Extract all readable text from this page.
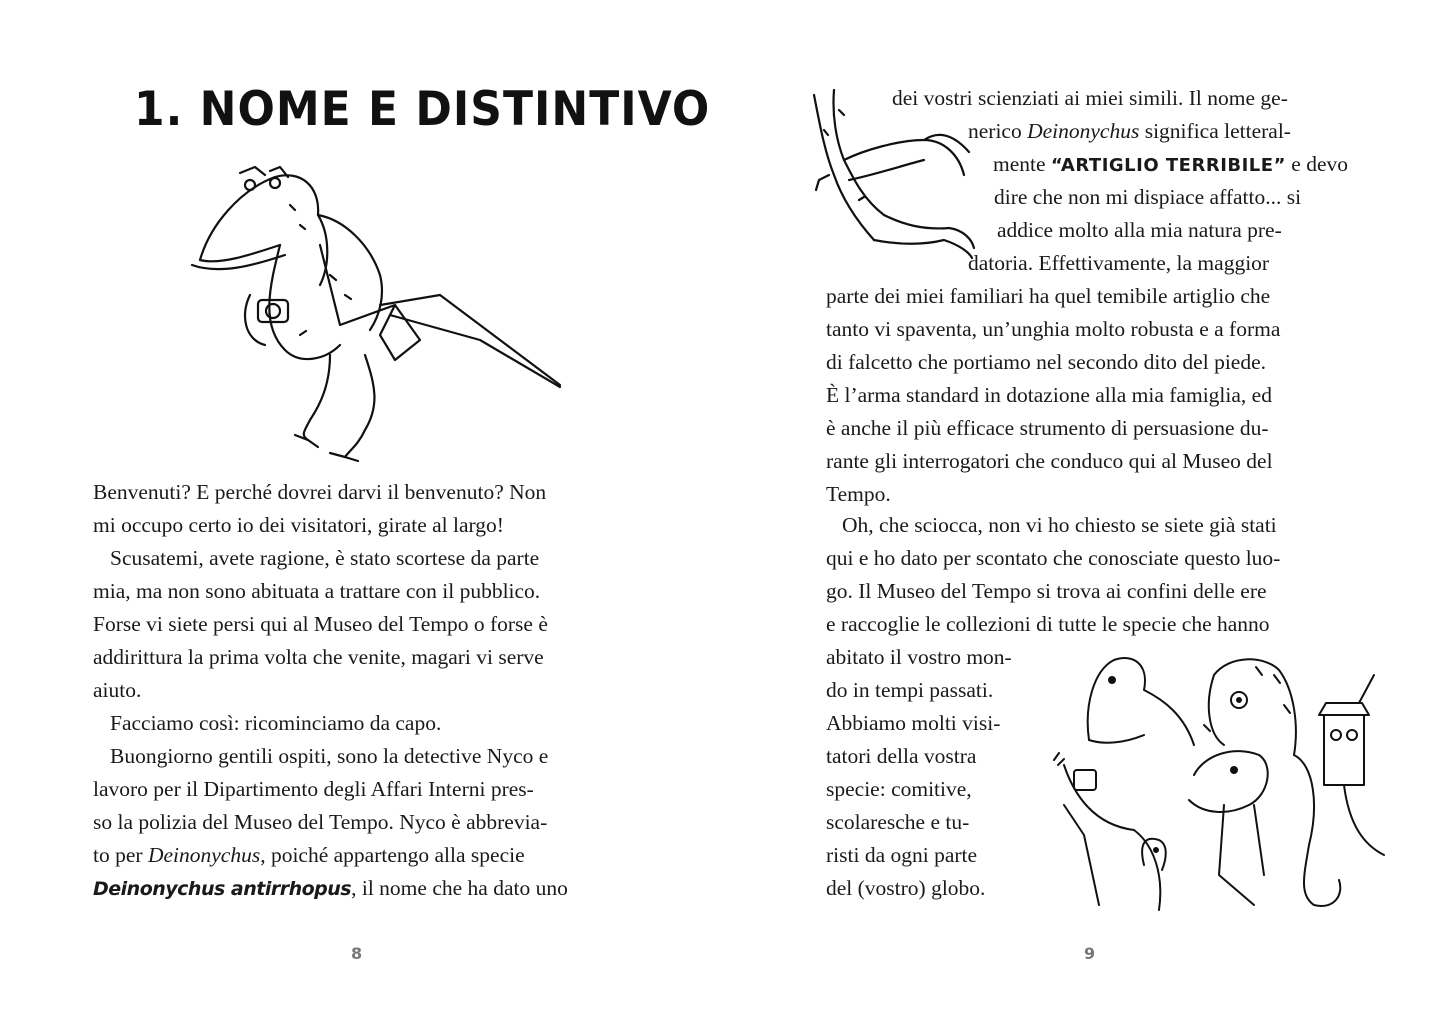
1. NOME E DISTINTIVO
Benvenuti? E perché dovrei darvi il benvenuto? Non
mi occupo certo io dei visitatori, girate al largo!
Scusatemi, avete ragione, è stato scortese da parte
mia, ma non sono abituata a trattare con il pubblico.
Forse vi siete persi qui al Museo del Tempo o forse è
addirittura la prima volta che venite, magari vi serve
aiuto.
Facciamo così: ricominciamo da capo.
Buongiorno gentili ospiti, sono la detective Nyco e
lavoro per il Dipartimento degli Affari Interni pres-
so la polizia del Museo del Tempo. Nyco è abbrevia-
to per Deinonychus, poiché appartengo alla specie
Deinonychus antirrhopus, il nome che ha dato uno
8
dei vostri scienziati ai miei simili. Il nome ge-
nerico Deinonychus significa letteral-
mente “ARTIGLIO TERRIBILE” e devo
dire che non mi dispiace affatto... si
addice molto alla mia natura pre-
datoria. Effettivamente, la maggior
parte dei miei familiari ha quel temibile artiglio che
tanto vi spaventa, un’unghia molto robusta e a forma
di falcetto che portiamo nel secondo dito del piede.
È l’arma standard in dotazione alla mia famiglia, ed
è anche il più efficace strumento di persuasione du-
rante gli interrogatori che conduco qui al Museo del
Tempo.
Oh, che sciocca, non vi ho chiesto se siete già stati
qui e ho dato per scontato che conosciate questo luo-
go. Il Museo del Tempo si trova ai confini delle ere
e raccoglie le collezioni di tutte le specie che hanno
abitato il vostro mon-
do in tempi passati.
Abbiamo molti visi-
tatori della vostra
specie: comitive,
scolaresche e tu-
risti da ogni parte
del (vostro) globo.
9
